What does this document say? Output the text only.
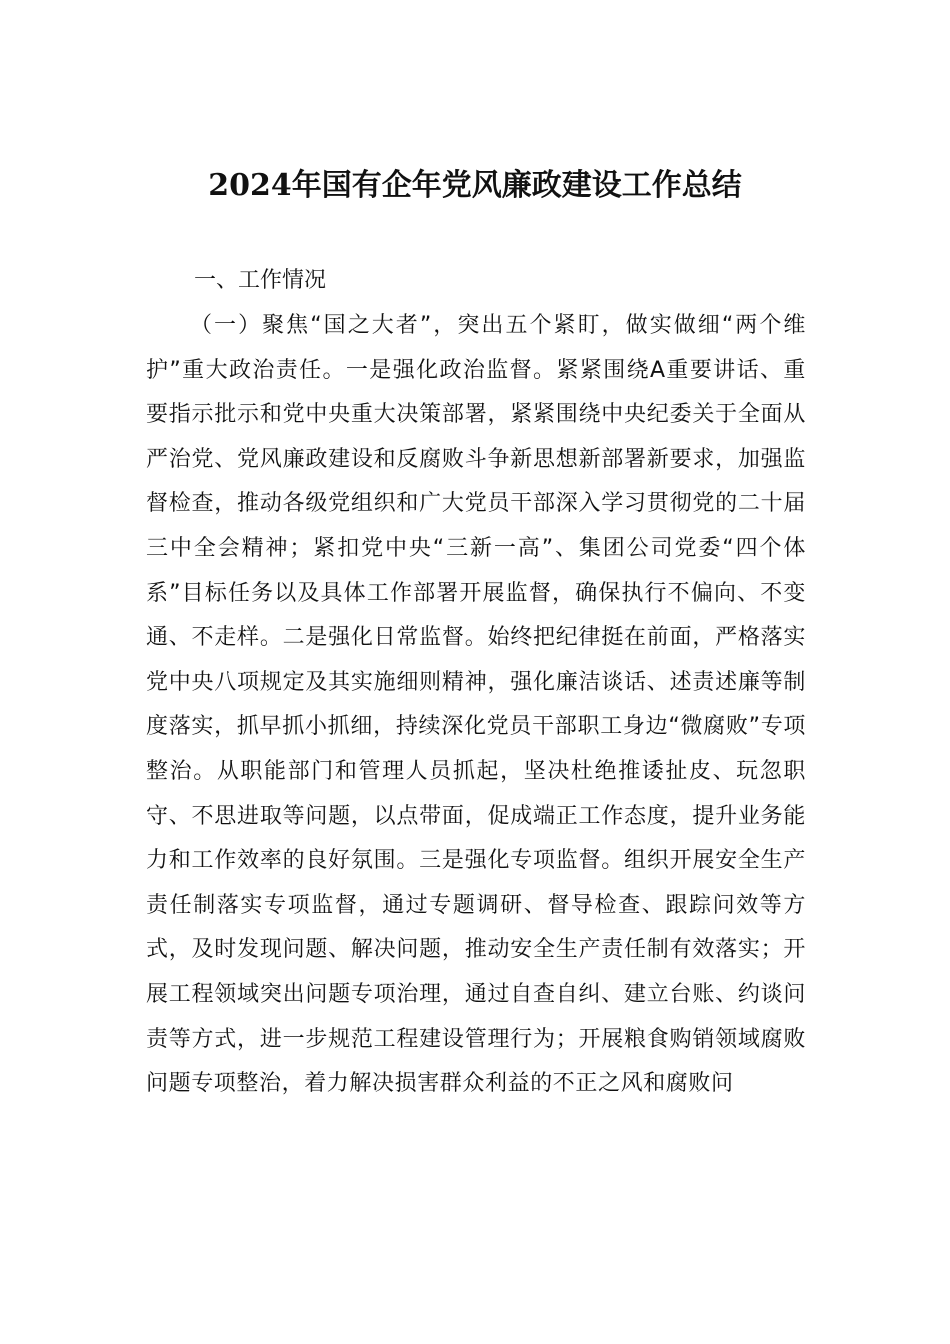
2024年国有企年党风廉政建设工作总结
一、工作情况

（一）聚焦“国之大者”，突出五个紧盯，做实做细“两个维护”重大政治责任。一是强化政治监督。紧紧围绕A重要讲话、重要指示批示和党中央重大决策部署，紧紧围绕中央纪委关于全面从严治党、党风廉政建设和反腐败斗争新思想新部署新要求，加强监督检查，推动各级党组织和广大党员干部深入学习贯彻党的二十届三中全会精神；紧扣党中央“三新一高”、集团公司党委“四个体系”目标任务以及具体工作部署开展监督，确保执行不偏向、不变通、不走样。二是强化日常监督。始终把纪律挺在前面，严格落实党中央八项规定及其实施细则精神，强化廉洁谈话、述责述廉等制度落实，抓早抓小抓细，持续深化党员干部职工身边“微腐败”专项整治。从职能部门和管理人员抓起，坚决杜绝推诿扯皮、玩忽职守、不思进取等问题，以点带面，促成端正工作态度，提升业务能力和工作效率的良好氛围。三是强化专项监督。组织开展安全生产责任制落实专项监督，通过专题调研、督导检查、跟踪问效等方式，及时发现问题、解决问题，推动安全生产责任制有效落实；开展工程领域突出问题专项治理，通过自查自纠、建立台账、约谈问责等方式，进一步规范工程建设管理行为；开展粮食购销领域腐败问题专项整治，着力解决损害群众利益的不正之风和腐败问
